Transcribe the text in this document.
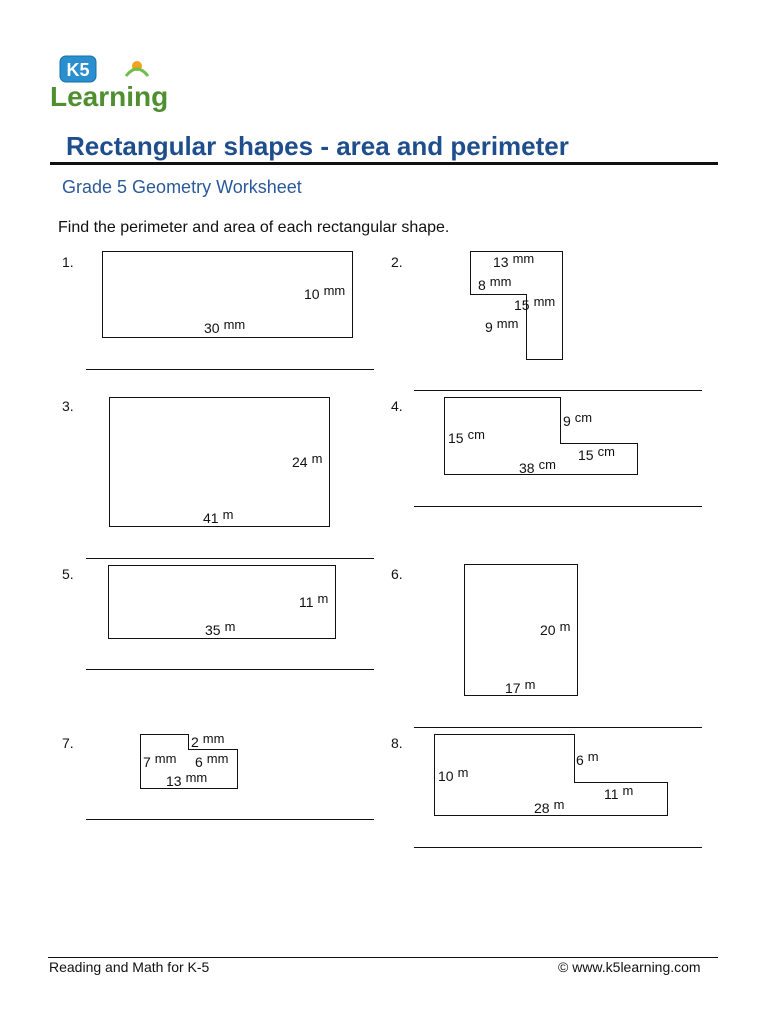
K5
Learning
Rectangular shapes - area and perimeter
Grade 5 Geometry Worksheet
Find the perimeter and area of each rectangular shape.
1.
10 mm
30 mm
2.	13 mm
8 mm
15 mm
9 mm
3.
24 m
41 m
4.
9 cm
15 cm
15 cm
38 cm
5.
11 m
35 m
6.
20 m
17 m
7.	2 mm
7 mm 6 mm
13 mm
8.
6 m
10 m
11 m
28 m
Reading and Math for K-5	© www.k5learning.com
